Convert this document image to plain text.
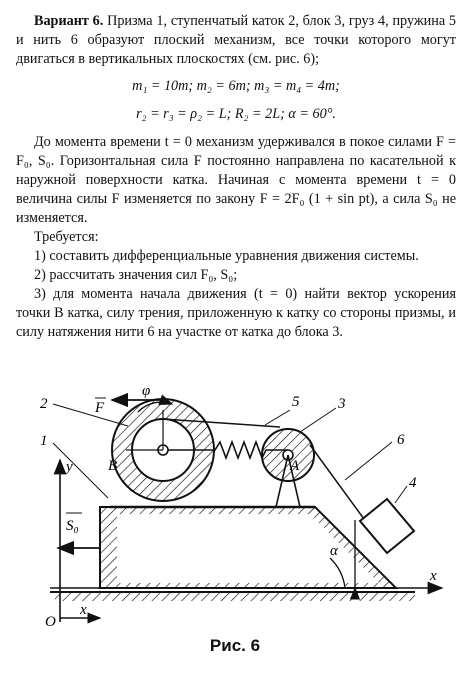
Вариант 6. Призма 1, ступенчатый каток 2, блок 3, груз 4, пружина 5 и нить 6 образуют плоский механизм, все точки которого могут двигаться в вертикальных плоскостях (см. рис. 6);

m₁ = 10m; m₂ = 6m; m₃ = m₄ = 4m;
r₂ = r₃ = ρ₂ = L; R₂ = 2L; α = 60°.

До момента времени t = 0 механизм удерживался в покое силами F = F₀, S₀. Горизонтальная сила F постоянно направлена по касательной к наружной поверхности катка. Начиная с момента времени t = 0 величина силы F изменяется по закону F = 2F₀ (1 + sin pt), а сила S₀ не изменяется.

Требуется:

1) составить дифференциальные уравнения движения системы.

2) рассчитать значения сил F₀, S₀;

3) для момента начала движения (t = 0) найти вектор ускорения точки B катка, силу трения, приложенную к катку со стороны призмы, и силу натяжения нити 6 на участке от катка до блока 3.

φ
F
2
1
5	3
6
4
B	A
y
x
x
S₀
O
α
Рис. 6
